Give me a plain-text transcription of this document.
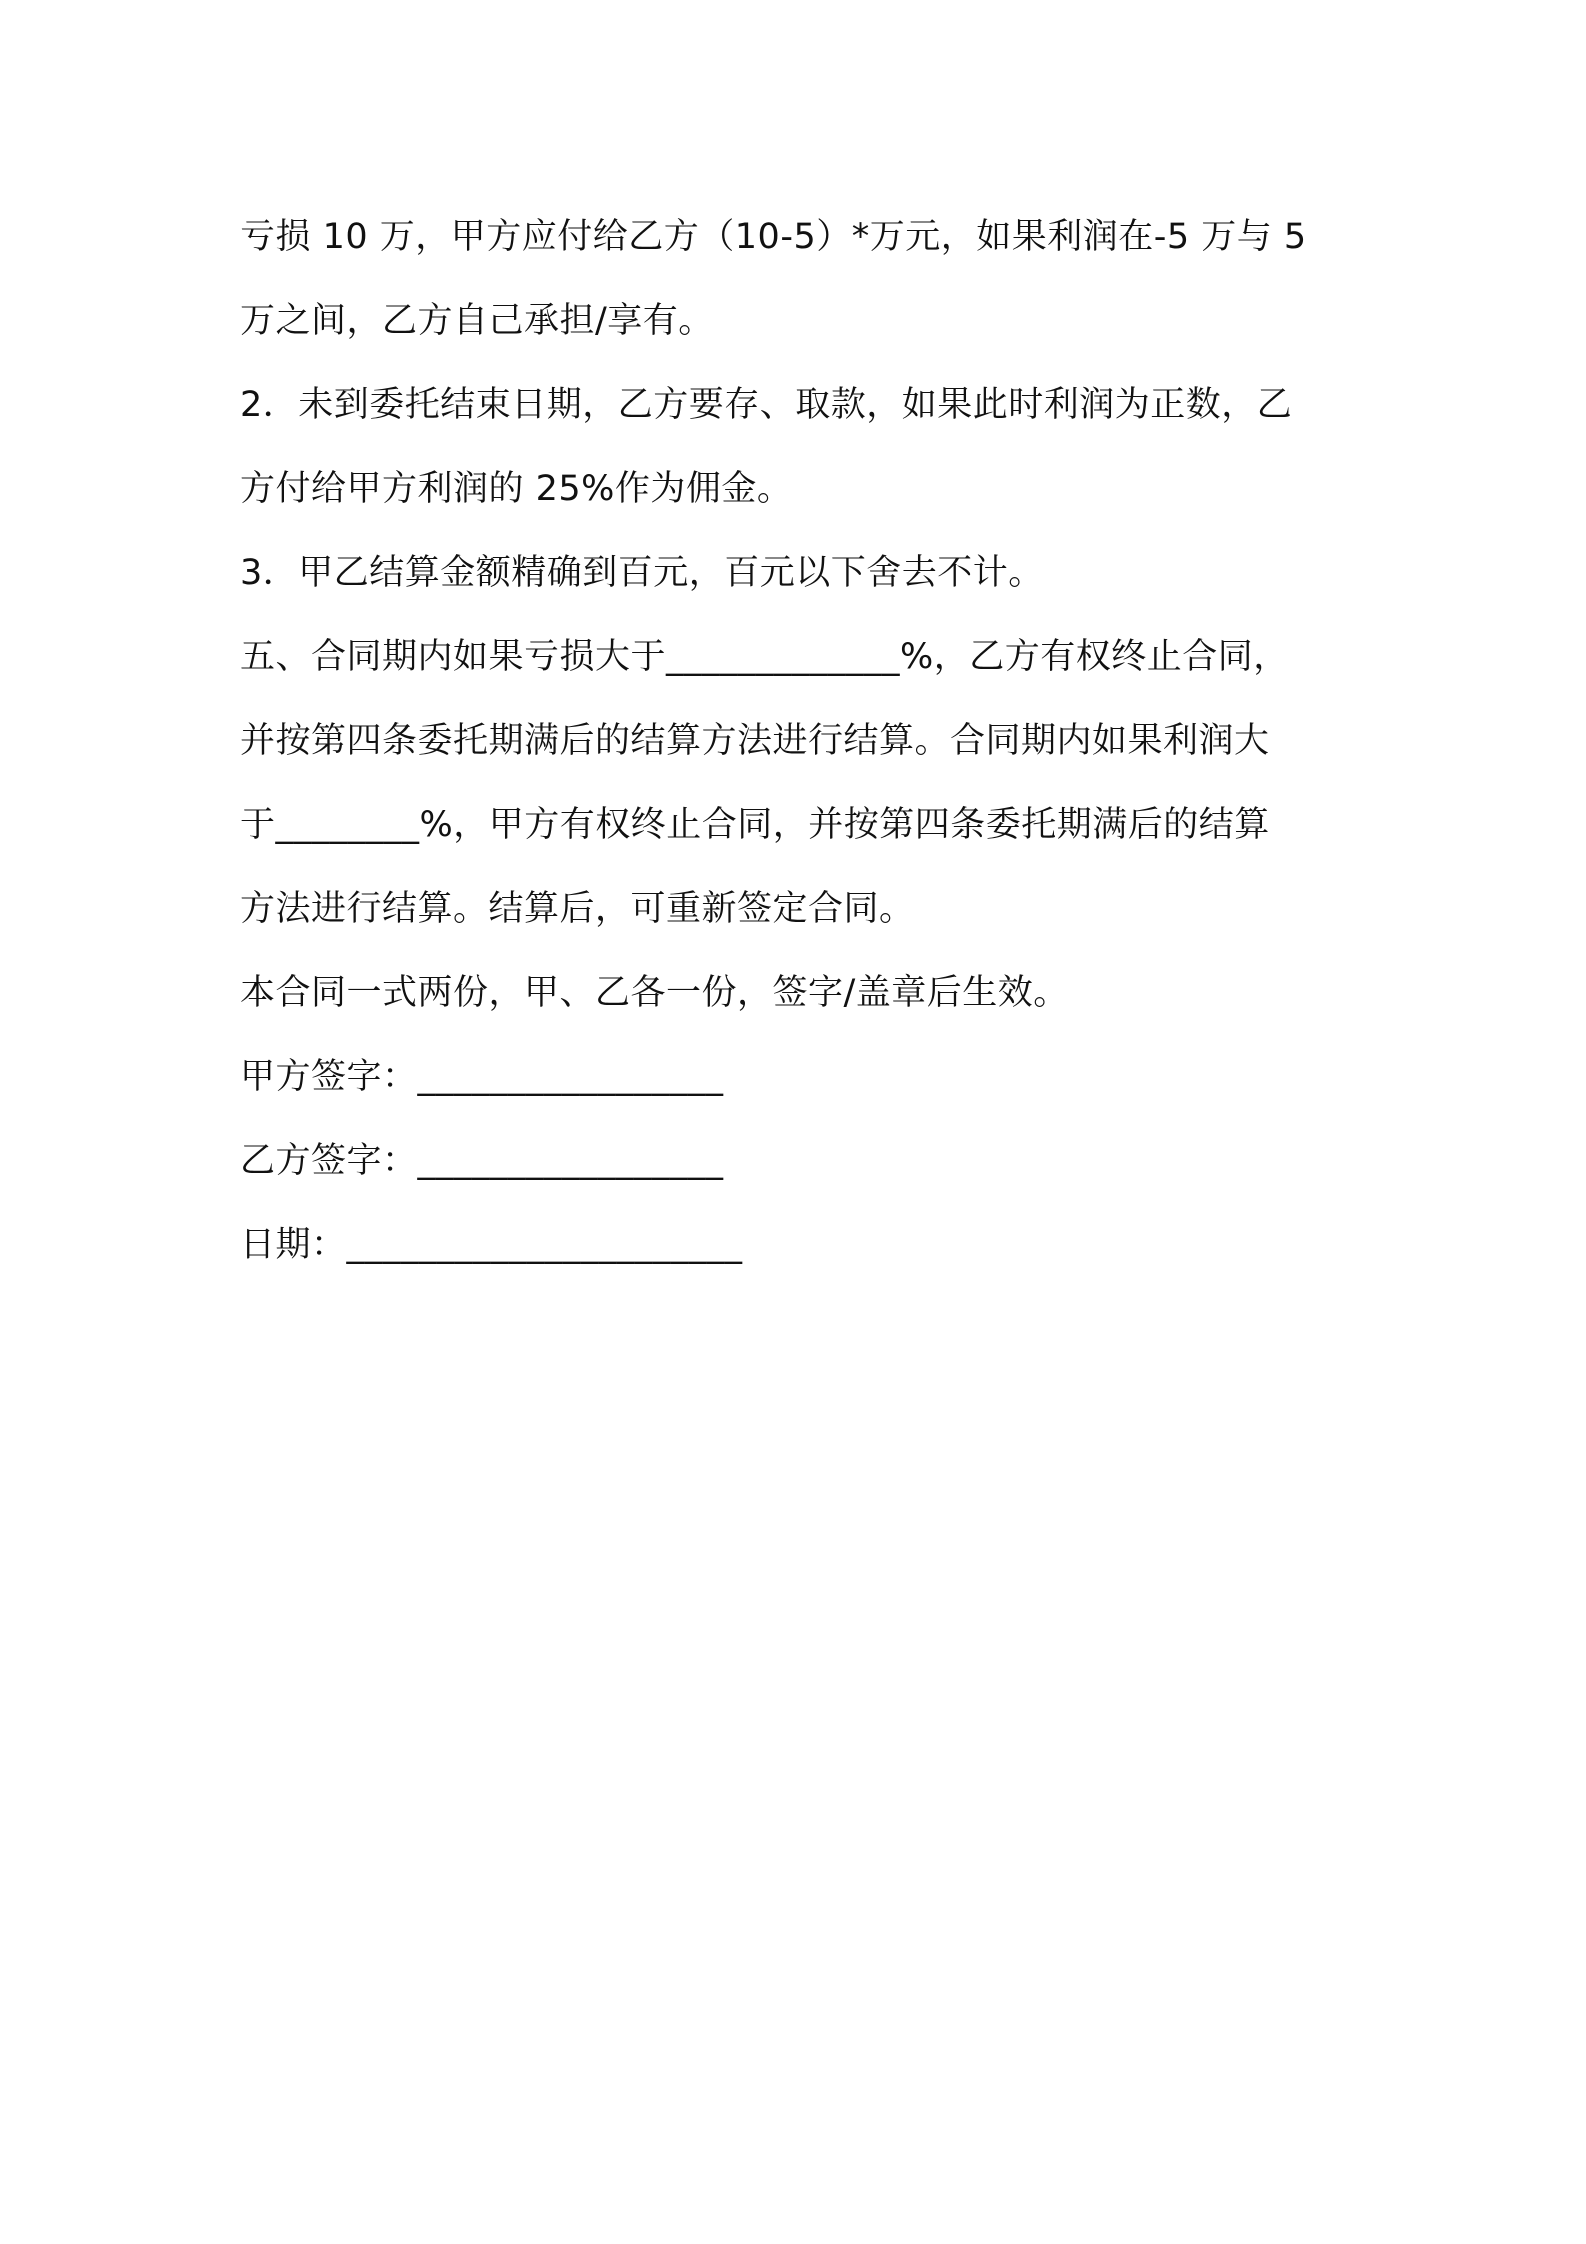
亏损 10 万，甲方应付给乙方（10-5）*万元，如果利润在-5 万与 5
万之间，乙方自己承担/享有。
2．未到委托结束日期，乙方要存、取款，如果此时利润为正数，乙
方付给甲方利润的 25%作为佣金。
3．甲乙结算金额精确到百元，百元以下舍去不计。
五、合同期内如果亏损大于_____________%，乙方有权终止合同，
并按第四条委托期满后的结算方法进行结算。合同期内如果利润大
于________%，甲方有权终止合同，并按第四条委托期满后的结算
方法进行结算。结算后，可重新签定合同。
本合同一式两份，甲、乙各一份，签字/盖章后生效。
甲方签字：_________________
乙方签字：_________________
日期：______________________
